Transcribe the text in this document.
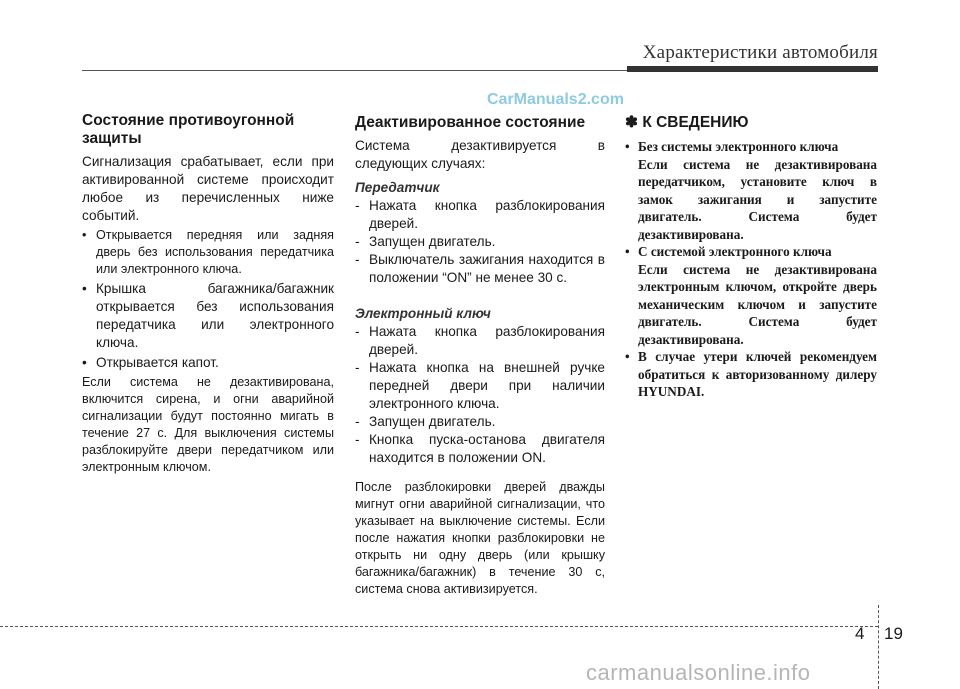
Характеристики автомобиля
CarManuals2.com
Состояние противоугонной защиты

Сигнализация срабатывает, если при активированной системе происходит любое из перечисленных ниже событий.

• Открывается передняя или задняя дверь без использования передатчика или электронного ключа.
• Крышка багажника/багажник открывается без использования передатчика или электронного ключа.
• Открывается капот.

Если система не дезактивирована, включится сирена, и огни аварийной сигнализации будут постоянно мигать в течение 27 с. Для выключения системы разблокируйте двери передатчиком или электронным ключом.

Деактивированное состояние

Система дезактивируется в следующих случаях:

Передатчик
- Нажата кнопка разблокирования дверей.
- Запущен двигатель.
- Выключатель зажигания находится в положении “ON” не менее 30 с.
Электронный ключ
- Нажата кнопка разблокирования дверей.
- Нажата кнопка на внешней ручке передней двери при наличии электронного ключа.
- Запущен двигатель.
- Кнопка пуска-остановa двигателя находится в положении ON.

После разблокировки дверей дважды мигнут огни аварийной сигнализации, что указывает на выключение системы. Если после нажатия кнопки разблокировки не открыть ни одну дверь (или крышку багажника/багажник) в течение 30 с, система снова активизируется.

✽ К СВЕДЕНИЮ
• Без системы электронного ключа
Если система не дезактивирована передатчиком, установите ключ в замок зажигания и запустите двигатель. Система будет дезактивирована.
• С системой электронного ключа
Если система не дезактивирована электронным ключом, откройте дверь механическим ключом и запустите двигатель. Система будет дезактивирована.
• В случае утери ключей рекомендуем обратиться к авторизованному дилеру HYUNDAI.
4 19
carmanualsonline.info
